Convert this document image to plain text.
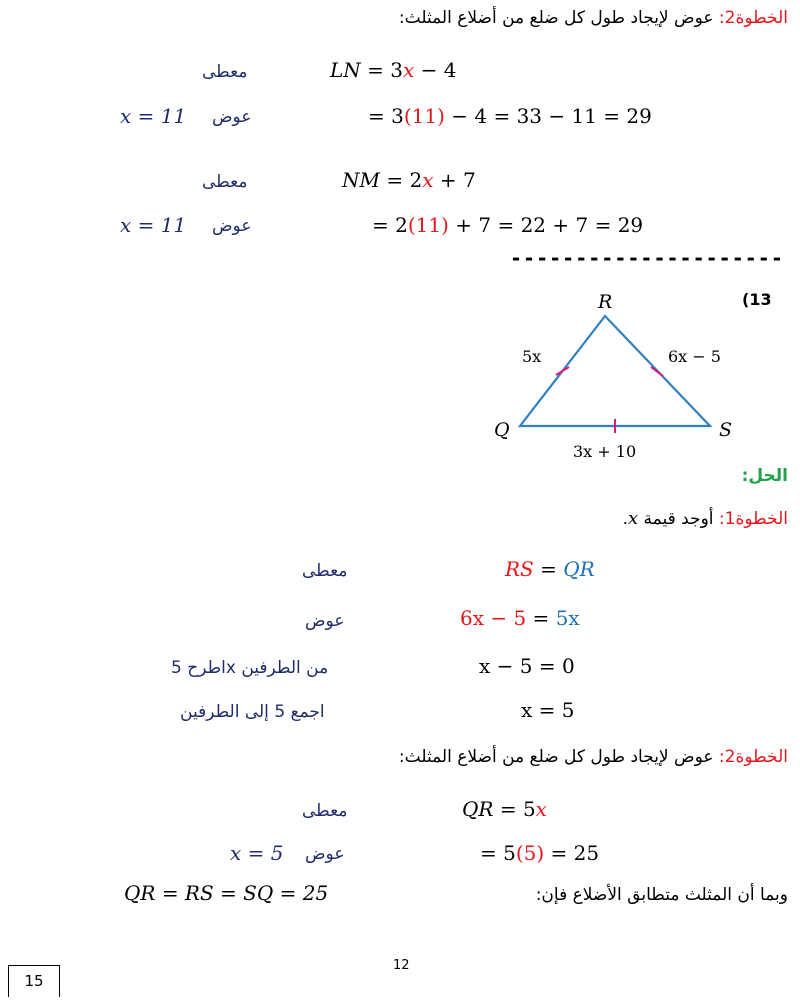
الخطوة2: عوض لإيجاد طول كل ضلع من أضلاع المثلث:
معطى	LN = 3x − 4
x = 11 عوض	= 3(11) − 4 = 33 − 11 = 29
معطى	NM = 2x + 7
x = 11 عوض	= 2(11) + 7 = 22 + 7 = 29
---------------------
(13
R
Q	S
5x	6x − 5
3x + 10
الحل:
الخطوة1: أوجد قيمة x.
معطى	RS = QR
عوض	6x − 5 = 5x
اطرح 5x من الطرفين	x − 5 = 0
اجمع 5 إلى الطرفين	x = 5
الخطوة2: عوض لإيجاد طول كل ضلع من أضلاع المثلث:
معطى	QR = 5x
x = 5 عوض	= 5(5) = 25
وبما أن المثلث متطابق الأضلاع فإن:
QR = RS = SQ = 25
12
15
